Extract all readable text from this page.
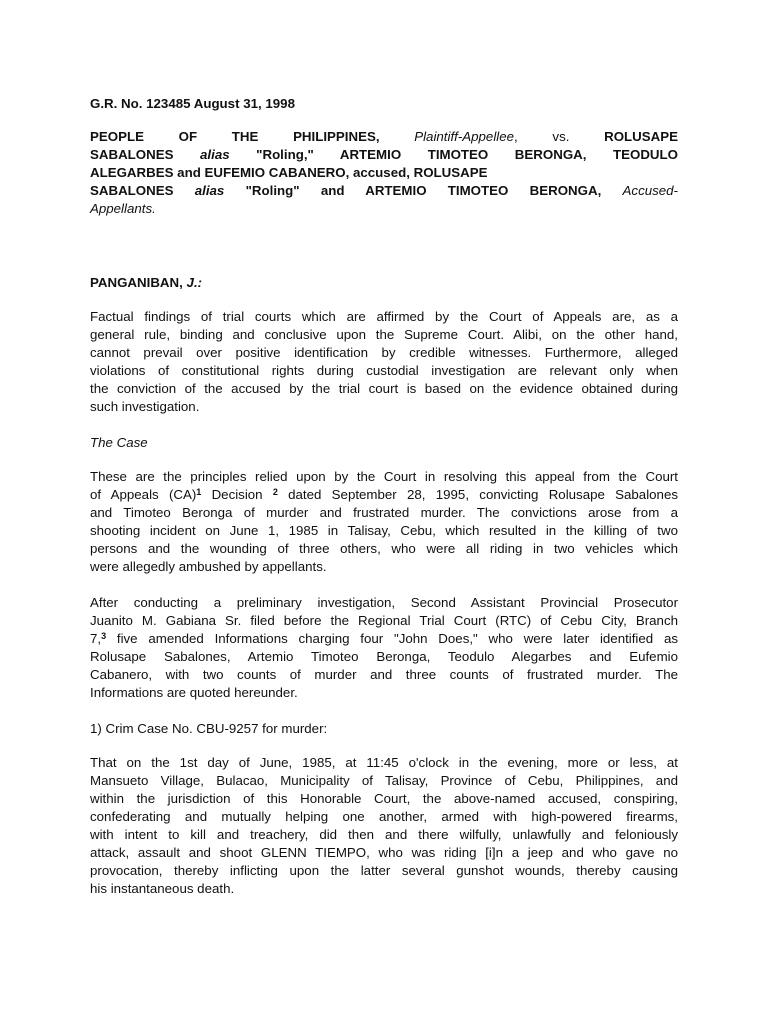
G.R. No. 123485 August 31, 1998

PEOPLE OF THE PHILIPPINES,	Plaintiff-Appellee, vs.	ROLUSAPE
SABALONES alias "Roling," ARTEMIO TIMOTEO BERONGA, TEODULO
ALEGARBES and EUFEMIO CABANERO, accused, ROLUSAPE
SABALONES alias "Roling" and ARTEMIO TIMOTEO BERONGA, Accused-
Appellants.

PANGANIBAN, J.:

Factual findings of trial courts which are affirmed by the Court of Appeals are, as a
general rule, binding and conclusive upon the Supreme Court. Alibi, on the other hand,
cannot prevail over positive identification by credible witnesses. Furthermore, alleged
violations of constitutional rights during custodial investigation are relevant only when
the conviction of the accused by the trial court is based on the evidence obtained during
such investigation.

The Case

These are the principles relied upon by the Court in resolving this appeal from the Court
of Appeals (CA)$^1$ Decision $^2$ dated September 28, 1995, convicting Rolusape Sabalones
and Timoteo Beronga of murder and frustrated murder. The convictions arose from a
shooting incident on June 1, 1985 in Talisay, Cebu, which resulted in the killing of two
persons and the wounding of three others, who were all riding in two vehicles which
were allegedly ambushed by appellants.
After conducting a preliminary investigation, Second Assistant Provincial Prosecutor
Juanito M. Gabiana Sr. filed before the Regional Trial Court (RTC) of Cebu City, Branch
7,$^3$ five amended Informations charging four "John Does," who were later identified as
Rolusape Sabalones, Artemio Timoteo Beronga, Teodulo Alegarbes and Eufemio
Cabanero, with two counts of murder and three counts of frustrated murder. The
Informations are quoted hereunder.

1) Crim Case No. CBU-9257 for murder:

That on the 1st day of June, 1985, at 11:45 o'clock in the evening, more or less, at
Mansueto Village, Bulacao, Municipality of Talisay, Province of Cebu, Philippines, and
within the jurisdiction of this Honorable Court, the above-named accused, conspiring,
confederating and mutually helping one another, armed with high-powered firearms,
with intent to kill and treachery, did then and there wilfully, unlawfully and feloniously
attack, assault and shoot GLENN TIEMPO, who was riding [i]n a jeep and who gave no
provocation, thereby inflicting upon the latter several gunshot wounds, thereby causing
his instantaneous death.
